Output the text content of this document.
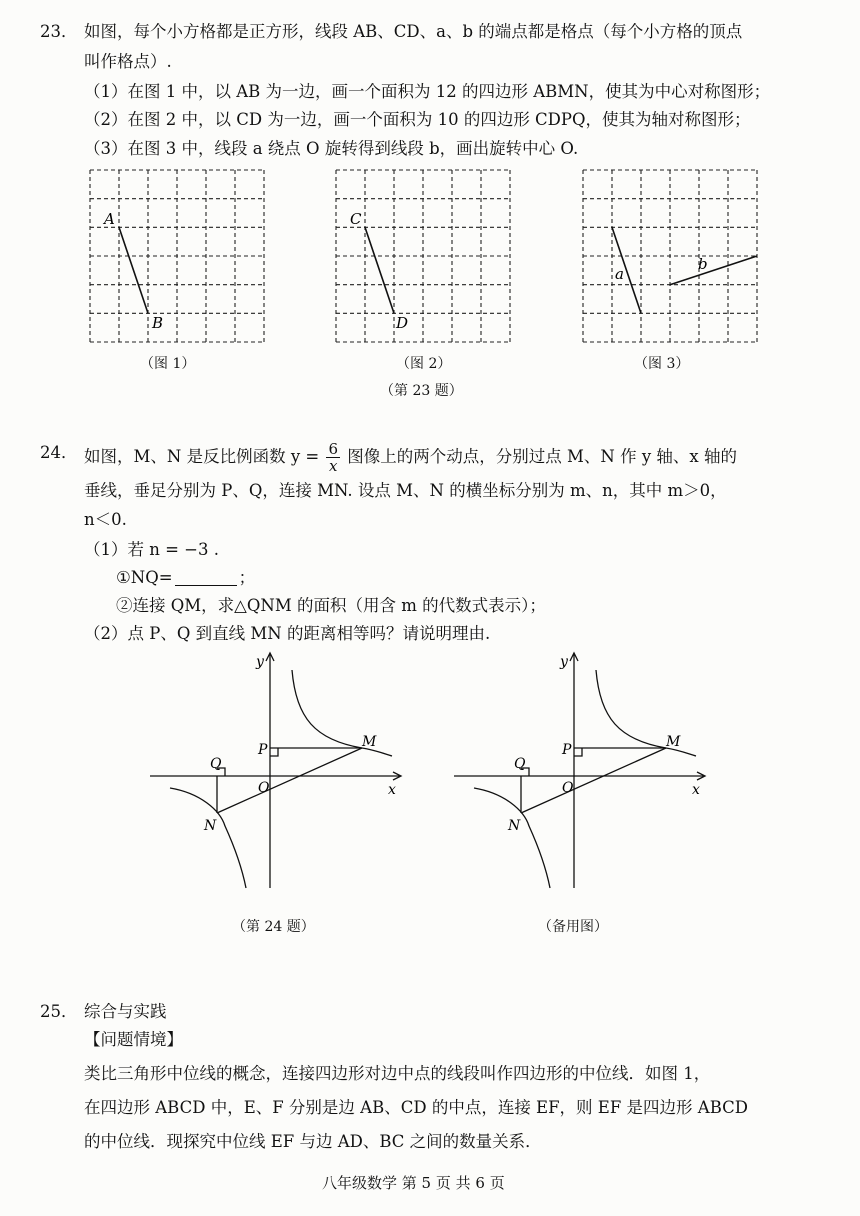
23． 如图，每个小方格都是正方形，线段 AB、CD、a、b 的端点都是格点（每个小方格的顶点
叫作格点）.
（1）在图 1 中，以 AB 为一边，画一个面积为 12 的四边形 ABMN，使其为中心对称图形；
（2）在图 2 中，以 CD 为一边，画一个面积为 10 的四边形 CDPQ，使其为轴对称图形；
（3）在图 3 中，线段 a 绕点 O 旋转得到线段 b，画出旋转中心 O.
A
B
（图 1）
C
D
（图 2）
a
b
（图 3）
（第 23 题）
24． 如图，M、N 是反比例函数 $y = \frac{6}{x}$ 图像上的两个动点，分别过点 M、N 作 y 轴、x 轴的
垂线，垂足分别为 P、Q，连接 MN. 设点 M、N 的横坐标分别为 m、n，其中 m＞0，
n＜0.
（1）若 n = −3 .
①NQ=	；
②连接 QM，求△QNM 的面积（用含 m 的代数式表示）；
（2）点 P、Q 到直线 MN 的距离相等吗？请说明理由.
y
x
O
P
Q
M
N
y
x
O
P
Q
M
N
（第 24 题）	（备用图）
25． 综合与实践
【问题情境】
类比三角形中位线的概念，连接四边形对边中点的线段叫作四边形的中位线．如图 1，
在四边形 ABCD 中，E、F 分别是边 AB、CD 的中点，连接 EF，则 EF 是四边形 ABCD
的中位线．现探究中位线 EF 与边 AD、BC 之间的数量关系．
八年级数学 第 5 页 共 6 页
